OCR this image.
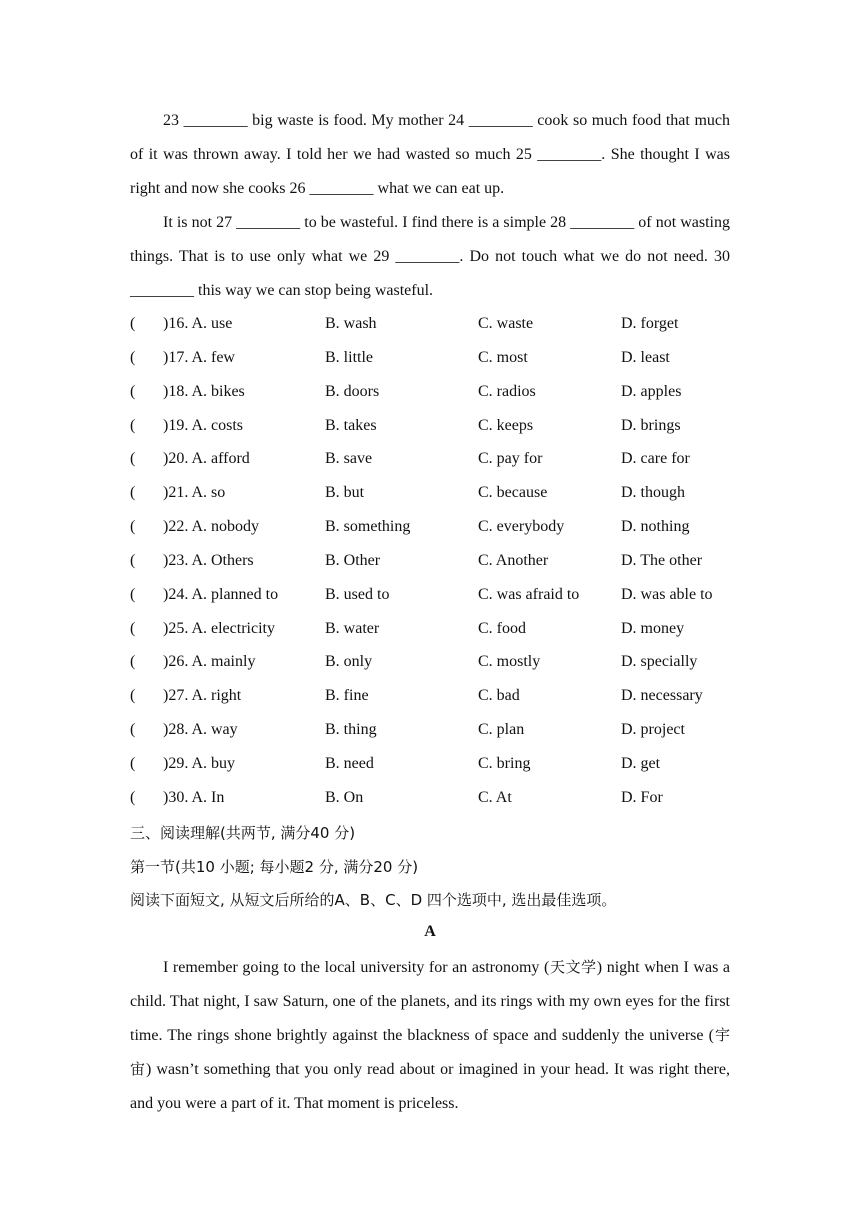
23 ________ big waste is food. My mother 24 ________ cook so much food that much of it was thrown away. I told her we had wasted so much 25 ________. She thought I was right and now she cooks 26 ________ what we can eat up.

It is not 27 ________ to be wasteful. I find there is a simple 28 ________ of not wasting things. That is to use only what we 29 ________. Do not touch what we do not need. 30 ________ this way we can stop being wasteful.

( )16. A. use	B. wash	C. waste	D. forget
( )17. A. few	B. little	C. most	D. least
( )18. A. bikes	B. doors	C. radios	D. apples
( )19. A. costs	B. takes	C. keeps	D. brings
( )20. A. afford	B. save	C. pay for	D. care for
( )21. A. so	B. but	C. because	D. though
( )22. A. nobody	B. something	C. everybody	D. nothing
( )23. A. Others	B. Other	C. Another	D. The other
( )24. A. planned to	B. used to	C. was afraid to	D. was able to
( )25. A. electricity	B. water	C. food	D. money
( )26. A. mainly	B. only	C. mostly	D. specially
( )27. A. right	B. fine	C. bad	D. necessary
( )28. A. way	B. thing	C. plan	D. project
( )29. A. buy	B. need	C. bring	D. get
( )30. A. In	B. On	C. At	D. For
三、阅读理解(共两节, 满分40 分)
第一节(共10 小题; 每小题2 分, 满分20 分)
阅读下面短文, 从短文后所给的A、B、C、D 四个选项中, 选出最佳选项。
A

I remember going to the local university for an astronomy (天文学) night when I was a child. That night, I saw Saturn, one of the planets, and its rings with my own eyes for the first time. The rings shone brightly against the blackness of space and suddenly the universe (宇宙) wasn’t something that you only read about or imagined in your head. It was right there, and you were a part of it. That moment is priceless.
